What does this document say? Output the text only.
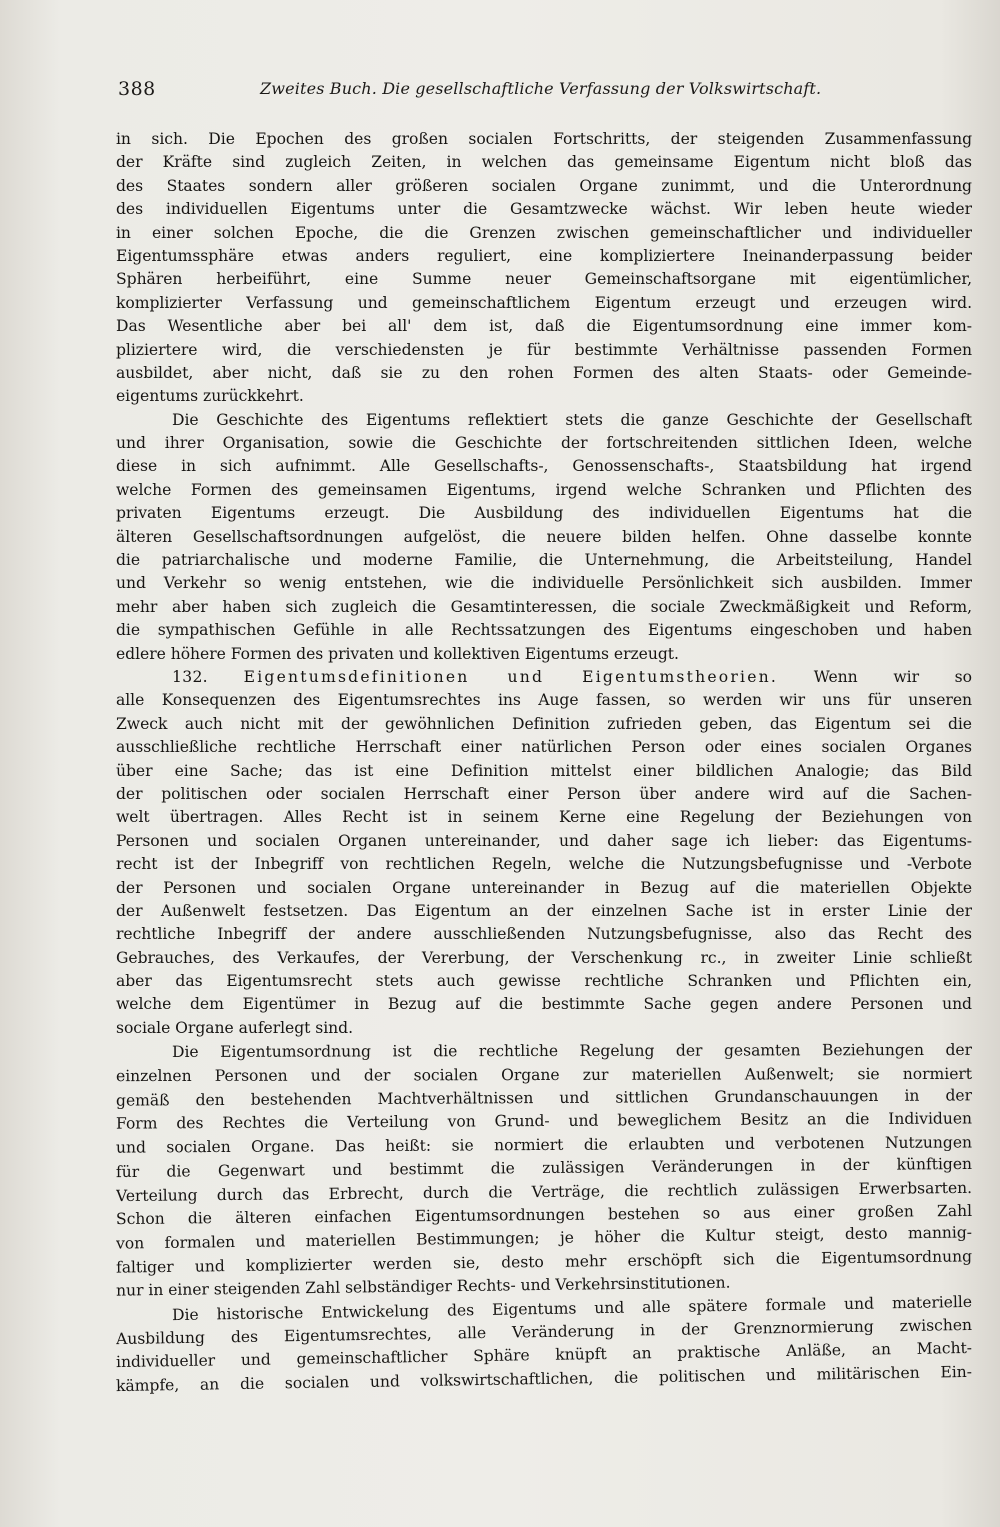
388	Zweites Buch. Die gesellschaftliche Verfassung der Volkswirtschaft.
in sich. Die Epochen des großen socialen Fortschritts, der steigenden Zusammenfassung
der Kräfte sind zugleich Zeiten, in welchen das gemeinsame Eigentum nicht bloß das
des Staates sondern aller größeren socialen Organe zunimmt, und die Unterordnung
des individuellen Eigentums unter die Gesamtzwecke wächst. Wir leben heute wieder
in einer solchen Epoche, die die Grenzen zwischen gemeinschaftlicher und individueller
Eigentumssphäre etwas anders reguliert, eine kompliziertere Ineinanderpassung beider
Sphären herbeiführt, eine Summe neuer Gemeinschaftsorgane mit eigentümlicher,
komplizierter Verfassung und gemeinschaftlichem Eigentum erzeugt und erzeugen wird.
Das Wesentliche aber bei all' dem ist, daß die Eigentumsordnung eine immer kom-
pliziertere wird, die verschiedensten je für bestimmte Verhältnisse passenden Formen
ausbildet, aber nicht, daß sie zu den rohen Formen des alten Staats- oder Gemeinde-
eigentums zurückkehrt.
Die Geschichte des Eigentums reflektiert stets die ganze Geschichte der Gesellschaft
und ihrer Organisation, sowie die Geschichte der fortschreitenden sittlichen Ideen, welche
diese in sich aufnimmt. Alle Gesellschafts-, Genossenschafts-, Staatsbildung hat irgend
welche Formen des gemeinsamen Eigentums, irgend welche Schranken und Pflichten des
privaten Eigentums erzeugt. Die Ausbildung des individuellen Eigentums hat die
älteren Gesellschaftsordnungen aufgelöst, die neuere bilden helfen. Ohne dasselbe konnte
die patriarchalische und moderne Familie, die Unternehmung, die Arbeitsteilung, Handel
und Verkehr so wenig entstehen, wie die individuelle Persönlichkeit sich ausbilden. Immer
mehr aber haben sich zugleich die Gesamtinteressen, die sociale Zweckmäßigkeit und Reform,
die sympathischen Gefühle in alle Rechtssatzungen des Eigentums eingeschoben und haben
edlere höhere Formen des privaten und kollektiven Eigentums erzeugt.
132. Eigentumsdefinitionen und Eigentumstheorien. Wenn wir so
alle Konsequenzen des Eigentumsrechtes ins Auge fassen, so werden wir uns für unseren
Zweck auch nicht mit der gewöhnlichen Definition zufrieden geben, das Eigentum sei die
ausschließliche rechtliche Herrschaft einer natürlichen Person oder eines socialen Organes
über eine Sache; das ist eine Definition mittelst einer bildlichen Analogie; das Bild
der politischen oder socialen Herrschaft einer Person über andere wird auf die Sachen-
welt übertragen. Alles Recht ist in seinem Kerne eine Regelung der Beziehungen von
Personen und socialen Organen untereinander, und daher sage ich lieber: das Eigentums-
recht ist der Inbegriff von rechtlichen Regeln, welche die Nutzungsbefugnisse und -Verbote
der Personen und socialen Organe untereinander in Bezug auf die materiellen Objekte
der Außenwelt festsetzen. Das Eigentum an der einzelnen Sache ist in erster Linie der
rechtliche Inbegriff der andere ausschließenden Nutzungsbefugnisse, also das Recht des
Gebrauches, des Verkaufes, der Vererbung, der Verschenkung rc., in zweiter Linie schließt
aber das Eigentumsrecht stets auch gewisse rechtliche Schranken und Pflichten ein,
welche dem Eigentümer in Bezug auf die bestimmte Sache gegen andere Personen und
sociale Organe auferlegt sind.
Die Eigentumsordnung ist die rechtliche Regelung der gesamten Beziehungen der
einzelnen Personen und der socialen Organe zur materiellen Außenwelt; sie normiert
gemäß den bestehenden Machtverhältnissen und sittlichen Grundanschauungen in der
Form des Rechtes die Verteilung von Grund- und beweglichem Besitz an die Individuen
und socialen Organe. Das heißt: sie normiert die erlaubten und verbotenen Nutzungen
für die Gegenwart und bestimmt die zulässigen Veränderungen in der künftigen
Verteilung durch das Erbrecht, durch die Verträge, die rechtlich zulässigen Erwerbsarten.
Schon die älteren einfachen Eigentumsordnungen bestehen so aus einer großen Zahl
von formalen und materiellen Bestimmungen; je höher die Kultur steigt, desto mannig-
faltiger und komplizierter werden sie, desto mehr erschöpft sich die Eigentumsordnung
nur in einer steigenden Zahl selbständiger Rechts- und Verkehrsinstitutionen.
Die historische Entwickelung des Eigentums und alle spätere formale und materielle
Ausbildung des Eigentumsrechtes, alle Veränderung in der Grenznormierung zwischen
individueller und gemeinschaftlicher Sphäre knüpft an praktische Anläße, an Macht-
kämpfe, an die socialen und volkswirtschaftlichen, die politischen und militärischen Ein-
